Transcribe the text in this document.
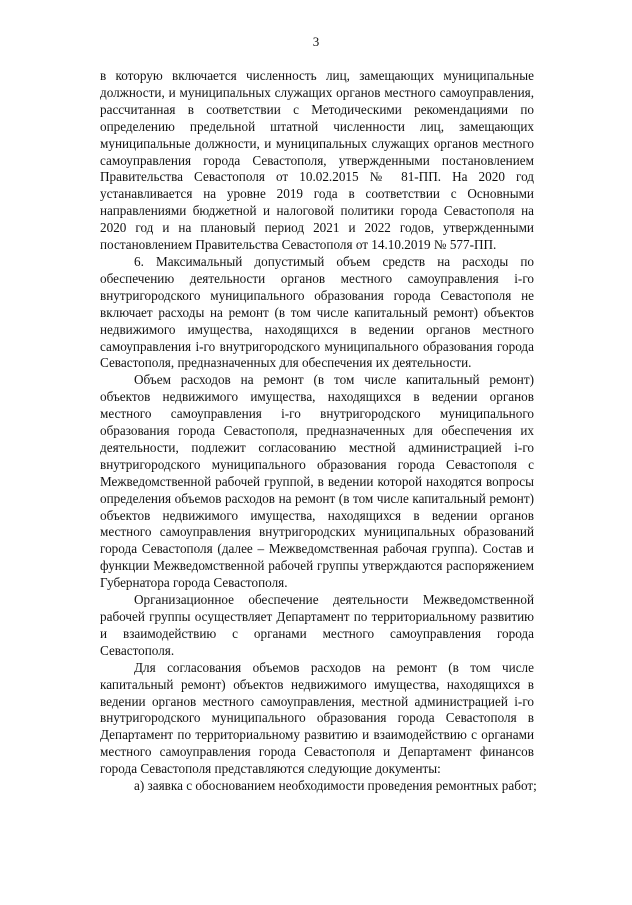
3

в которую включается численность лиц, замещающих муниципальные должности, и муниципальных служащих органов местного самоуправления, рассчитанная в соответствии с Методическими рекомендациями по определению предельной штатной численности лиц, замещающих муниципальные должности, и муниципальных служащих органов местного самоуправления города Севастополя, утвержденными постановлением Правительства Севастополя от 10.02.2015 № 81-ПП. На 2020 год устанавливается на уровне 2019 года в соответствии с Основными направлениями бюджетной и налоговой политики города Севастополя на 2020 год и на плановый период 2021 и 2022 годов, утвержденными постановлением Правительства Севастополя от 14.10.2019 № 577-ПП.

6. Максимальный допустимый объем средств на расходы по обеспечению деятельности органов местного самоуправления і-го внутригородского муниципального образования города Севастополя не включает расходы на ремонт (в том числе капитальный ремонт) объектов недвижимого имущества, находящихся в ведении органов местного самоуправления і-го внутригородского муниципального образования города Севастополя, предназначенных для обеспечения их деятельности.

Объем расходов на ремонт (в том числе капитальный ремонт) объектов недвижимого имущества, находящихся в ведении органов местного самоуправления і-го внутригородского муниципального образования города Севастополя, предназначенных для обеспечения их деятельности, подлежит согласованию местной администрацией і-го внутригородского муниципального образования города Севастополя с Межведомственной рабочей группой, в ведении которой находятся вопросы определения объемов расходов на ремонт (в том числе капитальный ремонт) объектов недвижимого имущества, находящихся в ведении органов местного самоуправления внутригородских муниципальных образований города Севастополя (далее – Межведомственная рабочая группа). Состав и функции Межведомственной рабочей группы утверждаются распоряжением Губернатора города Севастополя.

Организационное обеспечение деятельности Межведомственной рабочей группы осуществляет Департамент по территориальному развитию и взаимодействию с органами местного самоуправления города Севастополя.

Для согласования объемов расходов на ремонт (в том числе капитальный ремонт) объектов недвижимого имущества, находящихся в ведении органов местного самоуправления, местной администрацией і-го внутригородского муниципального образования города Севастополя в Департамент по территориальному развитию и взаимодействию с органами местного самоуправления города Севастополя и Департамент финансов города Севастополя представляются следующие документы:

а) заявка с обоснованием необходимости проведения ремонтных работ;
